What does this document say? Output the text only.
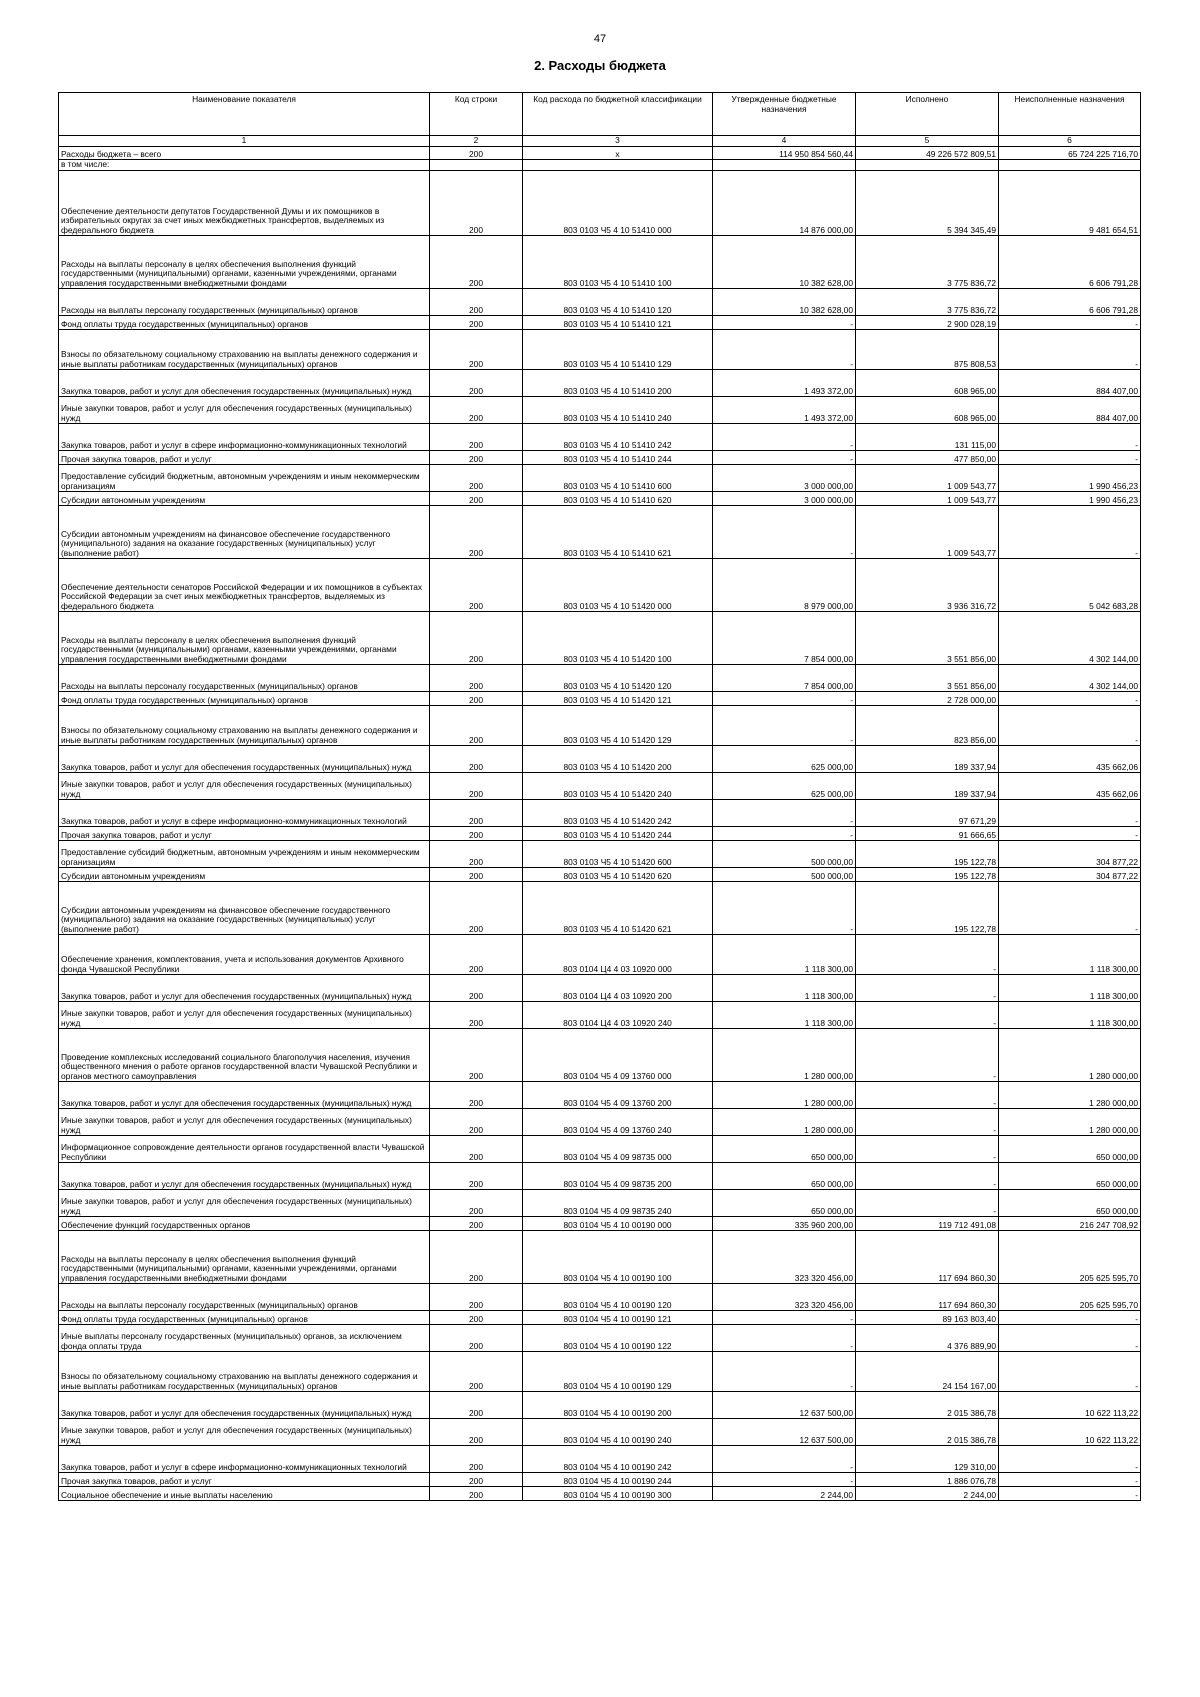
47
2. Расходы бюджета
Наименование показателя	Код строки	Код расхода по бюджетной классификации	Утвержденные бюджетные назначения	Исполнено	Неисполненные назначения
1	2	3	4	5	6
Расходы бюджета – всего	200	х	114 950 854 560,44	49 226 572 809,51	65 724 225 716,70
в том числе:					
Обеспечение деятельности депутатов Государственной Думы и их помощников в избирательных округах за счет иных межбюджетных трансфертов, выделяемых из федерального бюджета	200	803 0103 Ч5 4 10 51410 000	14 876 000,00	5 394 345,49	9 481 654,51
Расходы на выплаты персоналу в целях обеспечения выполнения функций государственными (муниципальными) органами, казенными учреждениями, органами управления государственными внебюджетными фондами	200	803 0103 Ч5 4 10 51410 100	10 382 628,00	3 775 836,72	6 606 791,28
Расходы на выплаты персоналу государственных (муниципальных) органов	200	803 0103 Ч5 4 10 51410 120	10 382 628,00	3 775 836,72	6 606 791,28
Фонд оплаты труда государственных (муниципальных) органов	200	803 0103 Ч5 4 10 51410 121	-	2 900 028,19	-
Взносы по обязательному социальному страхованию на выплаты денежного содержания и иные выплаты работникам государственных (муниципальных) органов	200	803 0103 Ч5 4 10 51410 129	-	875 808,53	-
Закупка товаров, работ и услуг для обеспечения государственных (муниципальных) нужд	200	803 0103 Ч5 4 10 51410 200	1 493 372,00	608 965,00	884 407,00
Иные закупки товаров, работ и услуг для обеспечения государственных (муниципальных) нужд	200	803 0103 Ч5 4 10 51410 240	1 493 372,00	608 965,00	884 407,00
Закупка товаров, работ и услуг в сфере информационно-коммуникационных технологий	200	803 0103 Ч5 4 10 51410 242	-	131 115,00	-
Прочая закупка товаров, работ и услуг	200	803 0103 Ч5 4 10 51410 244	-	477 850,00	-
Предоставление субсидий бюджетным, автономным учреждениям и иным некоммерческим организациям	200	803 0103 Ч5 4 10 51410 600	3 000 000,00	1 009 543,77	1 990 456,23
Субсидии автономным учреждениям	200	803 0103 Ч5 4 10 51410 620	3 000 000,00	1 009 543,77	1 990 456,23
Субсидии автономным учреждениям на финансовое обеспечение государственного (муниципального) задания на оказание государственных (муниципальных) услуг (выполнение работ)	200	803 0103 Ч5 4 10 51410 621	-	1 009 543,77	-
Обеспечение деятельности сенаторов Российской Федерации и их помощников в субъектах Российской Федерации за счет иных межбюджетных трансфертов, выделяемых из федерального бюджета	200	803 0103 Ч5 4 10 51420 000	8 979 000,00	3 936 316,72	5 042 683,28
Расходы на выплаты персоналу в целях обеспечения выполнения функций государственными (муниципальными) органами, казенными учреждениями, органами управления государственными внебюджетными фондами	200	803 0103 Ч5 4 10 51420 100	7 854 000,00	3 551 856,00	4 302 144,00
Расходы на выплаты персоналу государственных (муниципальных) органов	200	803 0103 Ч5 4 10 51420 120	7 854 000,00	3 551 856,00	4 302 144,00
Фонд оплаты труда государственных (муниципальных) органов	200	803 0103 Ч5 4 10 51420 121	-	2 728 000,00	-
Взносы по обязательному социальному страхованию на выплаты денежного содержания и иные выплаты работникам государственных (муниципальных) органов	200	803 0103 Ч5 4 10 51420 129	-	823 856,00	-
Закупка товаров, работ и услуг для обеспечения государственных (муниципальных) нужд	200	803 0103 Ч5 4 10 51420 200	625 000,00	189 337,94	435 662,06
Иные закупки товаров, работ и услуг для обеспечения государственных (муниципальных) нужд	200	803 0103 Ч5 4 10 51420 240	625 000,00	189 337,94	435 662,06
Закупка товаров, работ и услуг в сфере информационно-коммуникационных технологий	200	803 0103 Ч5 4 10 51420 242	-	97 671,29	-
Прочая закупка товаров, работ и услуг	200	803 0103 Ч5 4 10 51420 244	-	91 666,65	-
Предоставление субсидий бюджетным, автономным учреждениям и иным некоммерческим организациям	200	803 0103 Ч5 4 10 51420 600	500 000,00	195 122,78	304 877,22
Субсидии автономным учреждениям	200	803 0103 Ч5 4 10 51420 620	500 000,00	195 122,78	304 877,22
Субсидии автономным учреждениям на финансовое обеспечение государственного (муниципального) задания на оказание государственных (муниципальных) услуг (выполнение работ)	200	803 0103 Ч5 4 10 51420 621	-	195 122,78	-
Обеспечение хранения, комплектования, учета и использования документов Архивного фонда Чувашской Республики	200	803 0104 Ц4 4 03 10920 000	1 118 300,00	-	1 118 300,00
Закупка товаров, работ и услуг для обеспечения государственных (муниципальных) нужд	200	803 0104 Ц4 4 03 10920 200	1 118 300,00	-	1 118 300,00
Иные закупки товаров, работ и услуг для обеспечения государственных (муниципальных) нужд	200	803 0104 Ц4 4 03 10920 240	1 118 300,00	-	1 118 300,00
Проведение комплексных исследований социального благополучия населения, изучения общественного мнения о работе органов государственной власти Чувашской Республики и органов местного самоуправления	200	803 0104 Ч5 4 09 13760 000	1 280 000,00	-	1 280 000,00
Закупка товаров, работ и услуг для обеспечения государственных (муниципальных) нужд	200	803 0104 Ч5 4 09 13760 200	1 280 000,00	-	1 280 000,00
Иные закупки товаров, работ и услуг для обеспечения государственных (муниципальных) нужд	200	803 0104 Ч5 4 09 13760 240	1 280 000,00	-	1 280 000,00
Информационное сопровождение деятельности органов государственной власти Чувашской Республики	200	803 0104 Ч5 4 09 98735 000	650 000,00	-	650 000,00
Закупка товаров, работ и услуг для обеспечения государственных (муниципальных) нужд	200	803 0104 Ч5 4 09 98735 200	650 000,00	-	650 000,00
Иные закупки товаров, работ и услуг для обеспечения государственных (муниципальных) нужд	200	803 0104 Ч5 4 09 98735 240	650 000,00	-	650 000,00
Обеспечение функций государственных органов	200	803 0104 Ч5 4 10 00190 000	335 960 200,00	119 712 491,08	216 247 708,92
Расходы на выплаты персоналу в целях обеспечения выполнения функций государственными (муниципальными) органами, казенными учреждениями, органами управления государственными внебюджетными фондами	200	803 0104 Ч5 4 10 00190 100	323 320 456,00	117 694 860,30	205 625 595,70
Расходы на выплаты персоналу государственных (муниципальных) органов	200	803 0104 Ч5 4 10 00190 120	323 320 456,00	117 694 860,30	205 625 595,70
Фонд оплаты труда государственных (муниципальных) органов	200	803 0104 Ч5 4 10 00190 121	-	89 163 803,40	-
Иные выплаты персоналу государственных (муниципальных) органов, за исключением фонда оплаты труда	200	803 0104 Ч5 4 10 00190 122	-	4 376 889,90	-
Взносы по обязательному социальному страхованию на выплаты денежного содержания и иные выплаты работникам государственных (муниципальных) органов	200	803 0104 Ч5 4 10 00190 129	-	24 154 167,00	-
Закупка товаров, работ и услуг для обеспечения государственных (муниципальных) нужд	200	803 0104 Ч5 4 10 00190 200	12 637 500,00	2 015 386,78	10 622 113,22
Иные закупки товаров, работ и услуг для обеспечения государственных (муниципальных) нужд	200	803 0104 Ч5 4 10 00190 240	12 637 500,00	2 015 386,78	10 622 113,22
Закупка товаров, работ и услуг в сфере информационно-коммуникационных технологий	200	803 0104 Ч5 4 10 00190 242	-	129 310,00	-
Прочая закупка товаров, работ и услуг	200	803 0104 Ч5 4 10 00190 244	-	1 886 076,78	-
Социальное обеспечение и иные выплаты населению	200	803 0104 Ч5 4 10 00190 300	2 244,00	2 244,00	-
